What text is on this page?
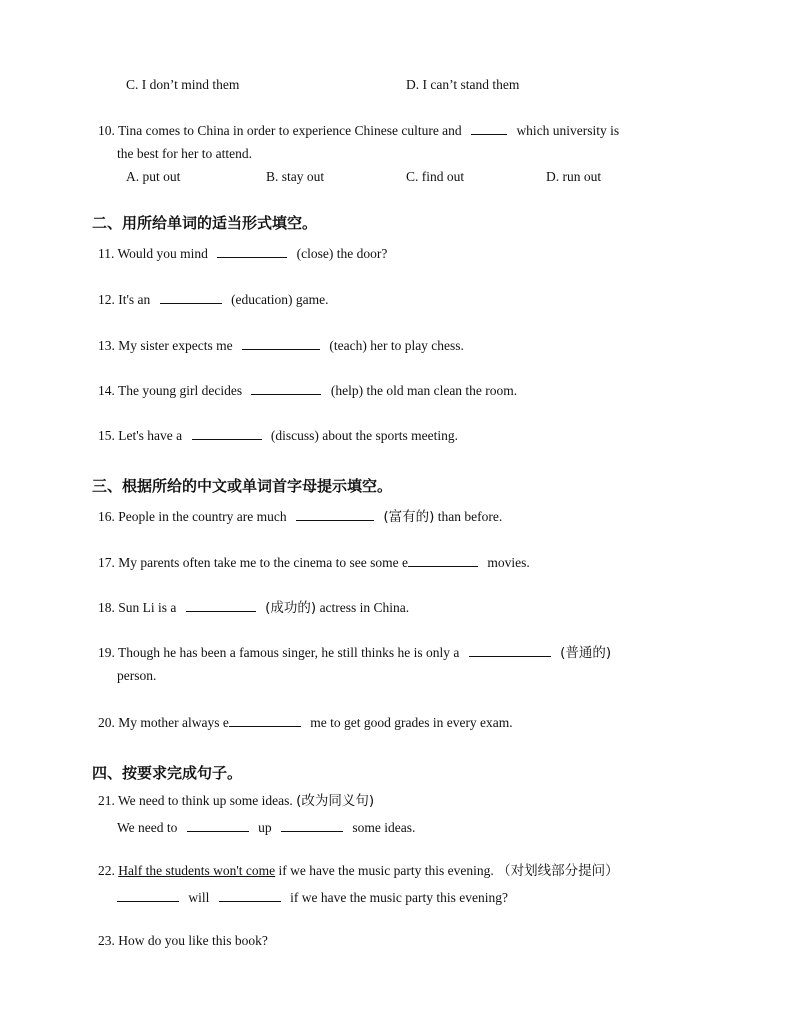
C. I don’t mind them	D. I can’t stand them
10. Tina comes to China in order to experience Chinese culture and	which university is
the best for her to attend.
A. put out	B. stay out	C. find out	D. run out
二、用所给单词的适当形式填空。
11. Would you mind	(close) the door?
12. It's an	(education) game.
13. My sister expects me	(teach) her to play chess.
14. The young girl decides	(help) the old man clean the room.
15. Let's have a	(discuss) about the sports meeting.
三、根据所给的中文或单词首字母提示填空。
16. People in the country are much	(富有的) than before.
17. My parents often take me to the cinema to see some e	movies.
18. Sun Li is a	(成功的) actress in China.
19. Though he has been a famous singer, he still thinks he is only a	(普通的)
person.
20. My mother always e	me to get good grades in every exam.
四、按要求完成句子。
21. We need to think up some ideas. (改为同义句)
We need to	up	some ideas.
22. Half the students won't come if we have the music party this evening. （对划线部分提问）
will	if we have the music party this evening?
23. How do you like this book?
